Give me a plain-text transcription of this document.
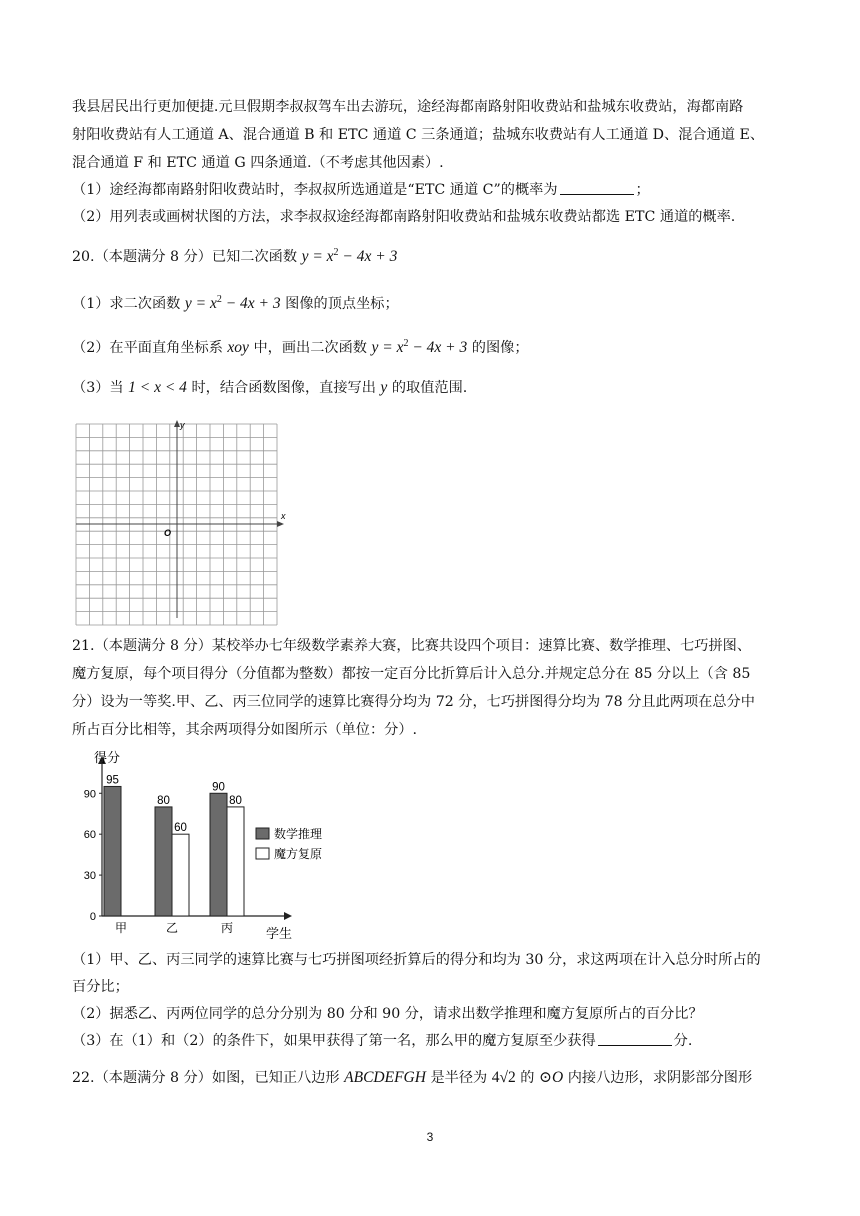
我县居民出行更加便捷.元旦假期李叔叔驾车出去游玩，途经海都南路射阳收费站和盐城东收费站，海都南路
射阳收费站有人工通道 A、混合通道 B 和 ETC 通道 C 三条通道；盐城东收费站有人工通道 D、混合通道 E、
混合通道 F 和 ETC 通道 G 四条通道.（不考虑其他因素）.
（1）途经海都南路射阳收费站时，李叔叔所选通道是“ETC 通道 C”的概率为	；
（2）用列表或画树状图的方法，求李叔叔途经海都南路射阳收费站和盐城东收费站都选 ETC 通道的概率.
20.（本题满分 8 分）已知二次函数 $y = x^2 - 4x + 3$
（1）求二次函数 $y = x^2 - 4x + 3$ 图像的顶点坐标；
（2）在平面直角坐标系 xoy 中，画出二次函数 $y = x^2 - 4x + 3$ 的图像；
（3）当 1 < x < 4 时，结合函数图像，直接写出 y 的取值范围.
x
y
O
21.（本题满分 8 分）某校举办七年级数学素养大赛，比赛共设四个项目：速算比赛、数学推理、七巧拼图、
魔方复原，每个项目得分（分值都为整数）都按一定百分比折算后计入总分.并规定总分在 85 分以上（含 85
分）设为一等奖.甲、乙、丙三位同学的速算比赛得分均为 72 分，七巧拼图得分均为 78 分且此两项在总分中
所占百分比相等，其余两项得分如图所示（单位：分）.
得分
学生
0
30
60
90
95
甲
80
60
乙
90
80
丙
数学推理
魔方复原
（1）甲、乙、丙三同学的速算比赛与七巧拼图项经折算后的得分和均为 30 分，求这两项在计入总分时所占的
百分比；
（2）据悉乙、丙两位同学的总分分别为 80 分和 90 分，请求出数学推理和魔方复原所占的百分比？
（3）在（1）和（2）的条件下，如果甲获得了第一名，那么甲的魔方复原至少获得	分.
22.（本题满分 8 分）如图，已知正八边形 ABCDEFGH 是半径为 4√2 的 ⊙O 内接八边形，求阴影部分图形
3
